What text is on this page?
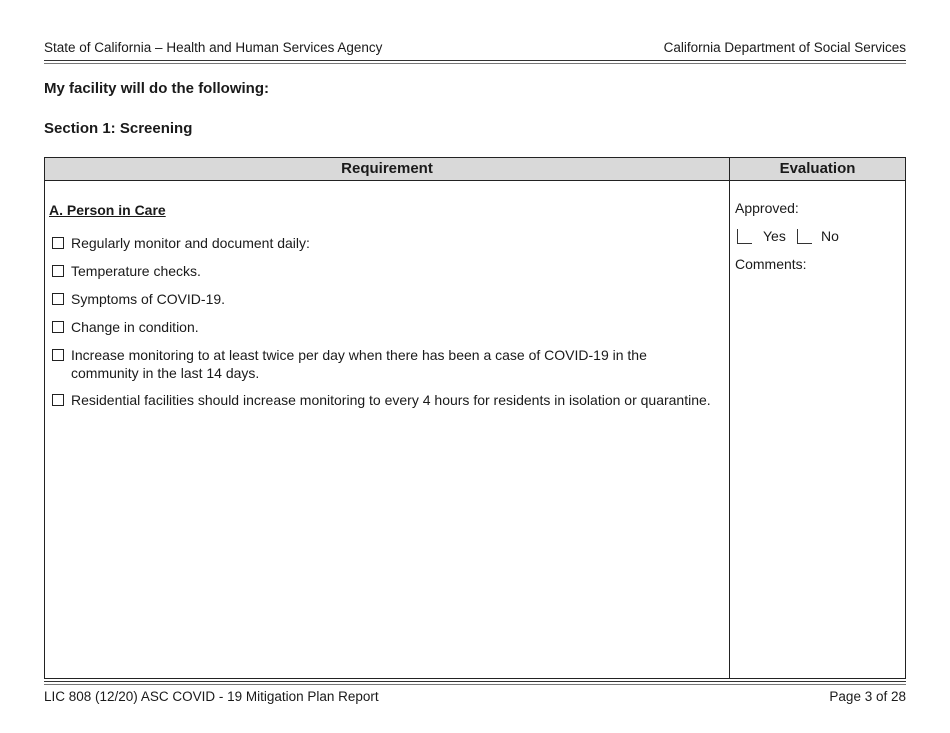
State of California – Health and Human Services Agency	California Department of Social Services
My facility will do the following:
Section 1: Screening
Requirement	Evaluation
A. Person in Care
Regularly monitor and document daily:
Temperature checks.
Symptoms of COVID-19.
Change in condition.
Increase monitoring to at least twice per day when there has been a case of COVID-19 in the community in the last 14 days.
Residential facilities should increase monitoring to every 4 hours for residents in isolation or quarantine.
Approved:
Yes	No
Comments:
LIC 808 (12/20) ASC COVID - 19 Mitigation Plan Report	Page 3 of 28
